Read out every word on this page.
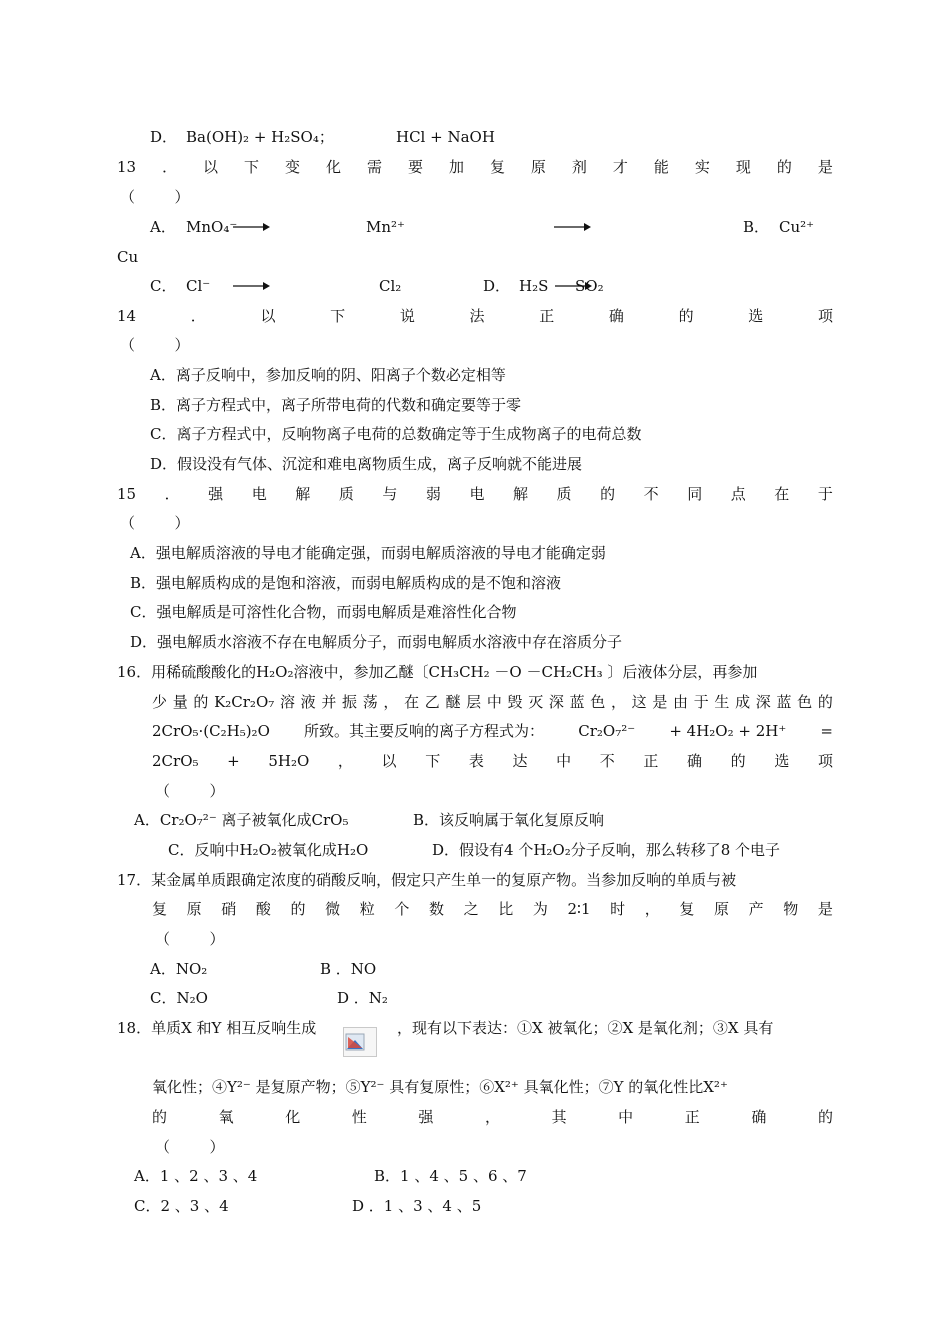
D． Ba(OH)₂ + H₂SO₄；	HCl + NaOH
13 ． 以 下 变 化 需 要 加 复 原 剂 才 能 实 现 的 是
（ 　　 ）
A． MnO₄⁻	Mn²⁺	B． Cu²⁺
Cu
C． Cl⁻	Cl₂	D． H₂S SO₂
14	．	以	下	说	法	正	确	的	选	项
（ 　　 ）
A．离子反响中，参加反响的阴、阳离子个数必定相等
B．离子方程式中，离子所带电荷的代数和确定要等于零
C．离子方程式中，反响物离子电荷的总数确定等于生成物离子的电荷总数
D．假设没有气体、沉淀和难电离物质生成，离子反响就不能进展
15 ． 强 电 解 质 与 弱 电 解 质 的 不 同 点 在 于
（ 　　 ）
A．强电解质溶液的导电才能确定强，而弱电解质溶液的导电才能确定弱
B．强电解质构成的是饱和溶液，而弱电解质构成的是不饱和溶液
C．强电解质是可溶性化合物，而弱电解质是难溶性化合物
D．强电解质水溶液不存在电解质分子，而弱电解质水溶液中存在溶质分子
16．用稀硫酸酸化的H₂O₂溶液中，参加乙醚〔CH₃CH₂ －O －CH₂CH₃ 〕后液体分层，再参加
少 量 的 K₂Cr₂O₇ 溶 液 并 振 荡 ， 在 乙 醚 层 中 毁 灭 深 蓝 色 ， 这 是 由 于 生 成 深 蓝 色 的
2CrO₅·(C₂H₅)₂O 所致。其主要反响的离子方程式为： Cr₂O₇²⁻ + 4H₂O₂ + 2H⁺ =
2CrO₅ + 5H₂O ， 以 下 表 达 中 不 正 确 的 选 项
（ 　　 ）
A．Cr₂O₇²⁻ 离子被氧化成CrO₅	B．该反响属于氧化复原反响
C．反响中H₂O₂被氧化成H₂O	D．假设有4 个H₂O₂分子反响，那么转移了8 个电子
17．某金属单质跟确定浓度的硝酸反响，假定只产生单一的复原产物。当参加反响的单质与被
复 原 硝 酸 的 微 粒 个 数 之 比 为 2∶1 时 ， 复 原 产 物 是
（ 　　 ）
A．NO₂	B ．NO
C．N₂O	D ．N₂
18．单质X 和Y 相互反响生成	，现有以下表达：①X 被氧化；②X 是氧化剂；③X 具有
氧化性；④Y²⁻ 是复原产物；⑤Y²⁻ 具有复原性；⑥X²⁺ 具氧化性；⑦Y 的氧化性比X²⁺
的	氧	化	性	强	，	其	中	正	确	的
（ 　　 ）
A．1 、2 、3 、4	B．1 、4 、5 、6 、7
C．2 、3 、4	D ．1 、3 、4 、5
